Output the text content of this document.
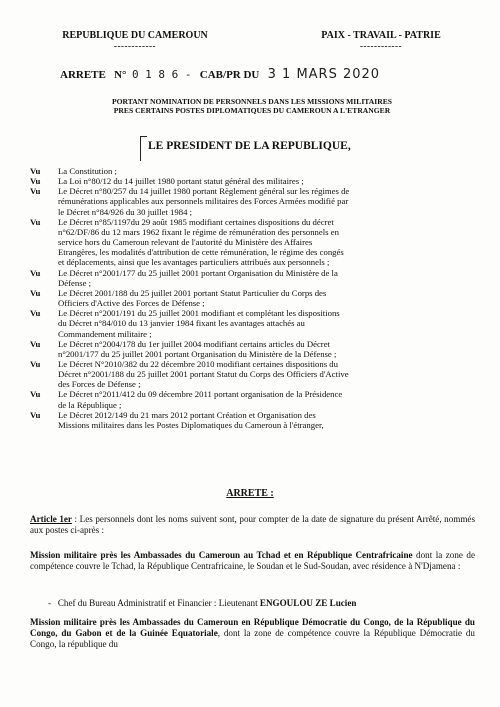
REPUBLIQUE DU CAMEROUN
------------
PAIX - TRAVAIL - PATRIE
------------
ARRETE N° 0 1 8 6 - CAB/PR DU 3 1 MARS 2020
PORTANT NOMINATION DE PERSONNELS DANS LES MISSIONS MILITAIRES
PRES CERTAINS POSTES DIPLOMATIQUES DU CAMEROUN A L'ETRANGER
LE PRESIDENT DE LA REPUBLIQUE,
Vu	La Constitution ;
Vu	La Loi n°80/12 du 14 juillet 1980 portant statut général des militaires ;
Vu	Le Décret n°80/257 du 14 juillet 1980 portant Règlement général sur les régimes de
rémunérations applicables aux personnels militaires des Forces Armées modifié par
le Décret n°84/926 du 30 juillet 1984 ;
Vu	Le Décret n°85/1197du 29 août 1985 modifiant certaines dispositions du décret
n°62/DF/86 du 12 mars 1962 fixant le régime de rémunération des personnels en
service hors du Cameroun relevant de l'autorité du Ministère des Affaires
Etrangères, les modalités d'attribution de cette rémunération, le régime des congés
et déplacements, ainsi que les avantages particuliers attribués aux personnels ;
Vu	Le Décret n°2001/177 du 25 juillet 2001 portant Organisation du Ministère de la
Défense ;
Vu	Le Décret 2001/188 du 25 juillet 2001 portant Statut Particulier du Corps des
Officiers d'Active des Forces de Défense ;
Vu	Le Décret n°2001/191 du 25 juillet 2001 modifiant et complétant les dispositions
du Décret n°84/010 du 13 janvier 1984 fixant les avantages attachés au
Commandement militaire ;
Vu	Le Décret n°2004/178 du 1er juillet 2004 modifiant certains articles du Décret
n°2001/177 du 25 juillet 2001 portant Organisation du Ministère de la Défense ;
Vu	Le Décret N°2010/382 du 22 décembre 2010 modifiant certaines dispositions du
Décret n°2001/188 du 25 juillet 2001 portant Statut du Corps des Officiers d'Active
des Forces de Défense ;
Vu	Le Décret n°2011/412 du 09 décembre 2011 portant organisation de la Présidence
de la République ;
Vu	Le Décret 2012/149 du 21 mars 2012 portant Création et Organisation des
Missions militaires dans les Postes Diplomatiques du Cameroun à l'étranger,
ARRETE :
Article 1er : Les personnels dont les noms suivent sont, pour compter de la date de signature du présent Arrêté, nommés aux postes ci-après :
Mission militaire près les Ambassades du Cameroun au Tchad et en République Centrafricaine dont la zone de compétence couvre le Tchad, la République Centrafricaine, le Soudan et le Sud-Soudan, avec résidence à N'Djamena :
- Chef du Bureau Administratif et Financier : Lieutenant ENGOULOU ZE Lucien
Mission militaire près les Ambassades du Cameroun en République Démocratie du Congo, de la République du Congo, du Gabon et de la Guinée Equatoriale, dont la zone de compétence couvre la République Démocratie du Congo, la république du
